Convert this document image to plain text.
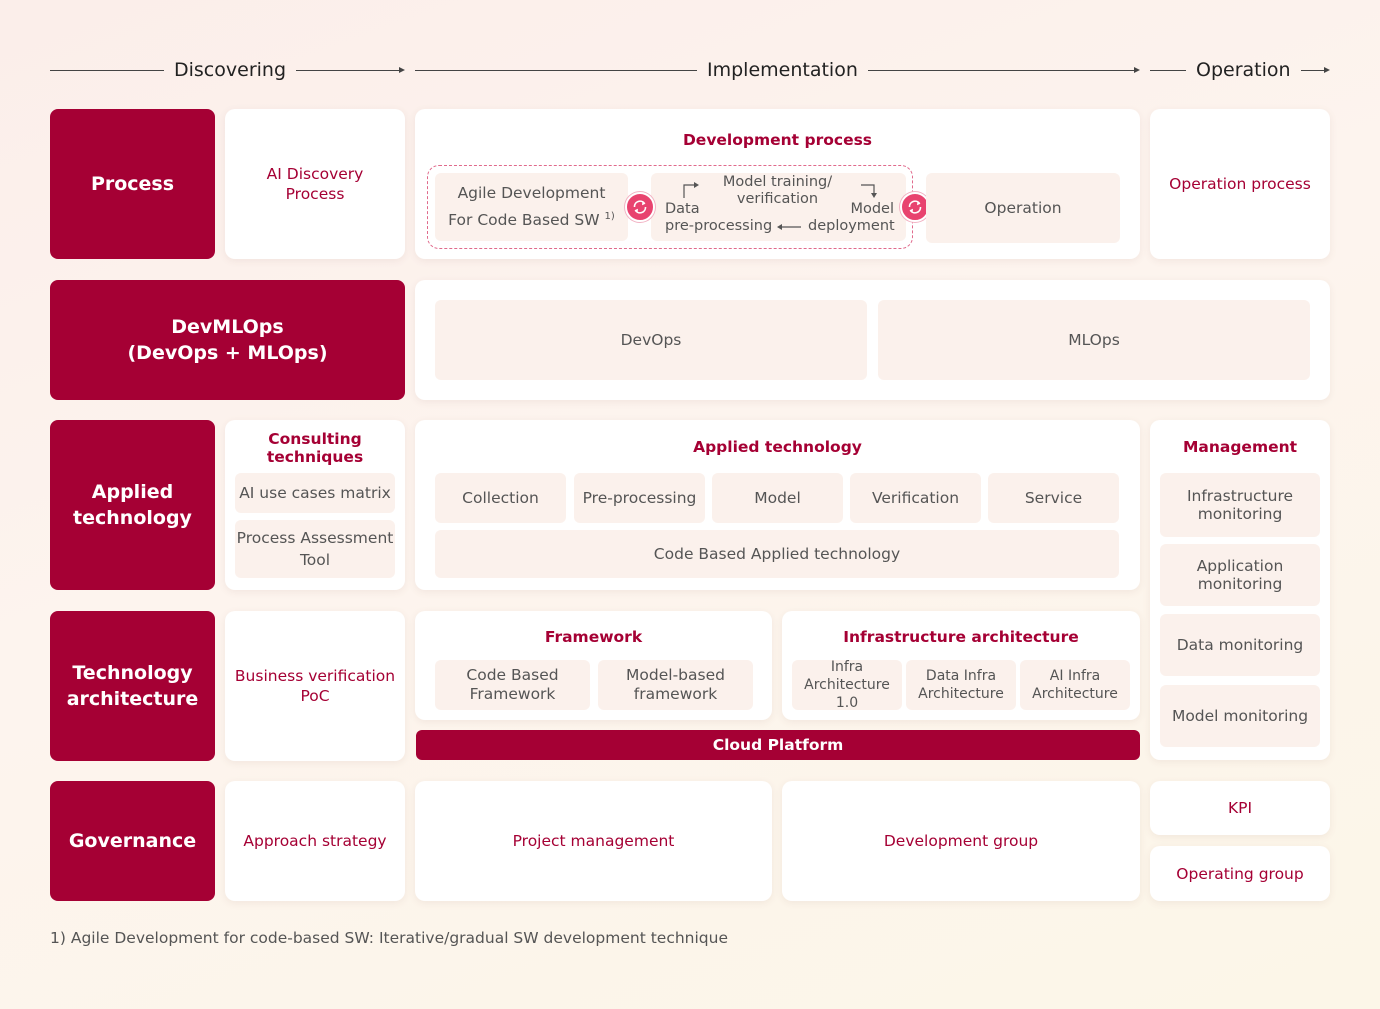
Discovering	Implementation	Operation
Process	AI Discovery
Process
Development process
Agile Development
For Code Based SW $^{1)}$
Model training/
verification
Data
pre-processing
Model
deployment
Operation
Operation process
DevMLOps
(DevOps + MLOps)
DevOps	MLOps
Applied
technology
Consulting
techniques
AI use cases matrix
Process Assessment
Tool
Applied technology
Collection	Pre-processing	Model	Verification	Service
Code Based Applied technology
Management
Infrastructure
monitoring
Application
monitoring
Data monitoring
Model monitoring
Technology
architecture
Business verification
PoC
Framework
Code Based
Framework
Model-based
framework
Infrastructure architecture
Infra
Architecture 1.0
Data Infra
Architecture
AI Infra
Architecture
Cloud Platform
Governance	Approach strategy	Project management	Development group
KPI
Operating group
1) Agile Development for code-based SW: Iterative/gradual SW development technique
